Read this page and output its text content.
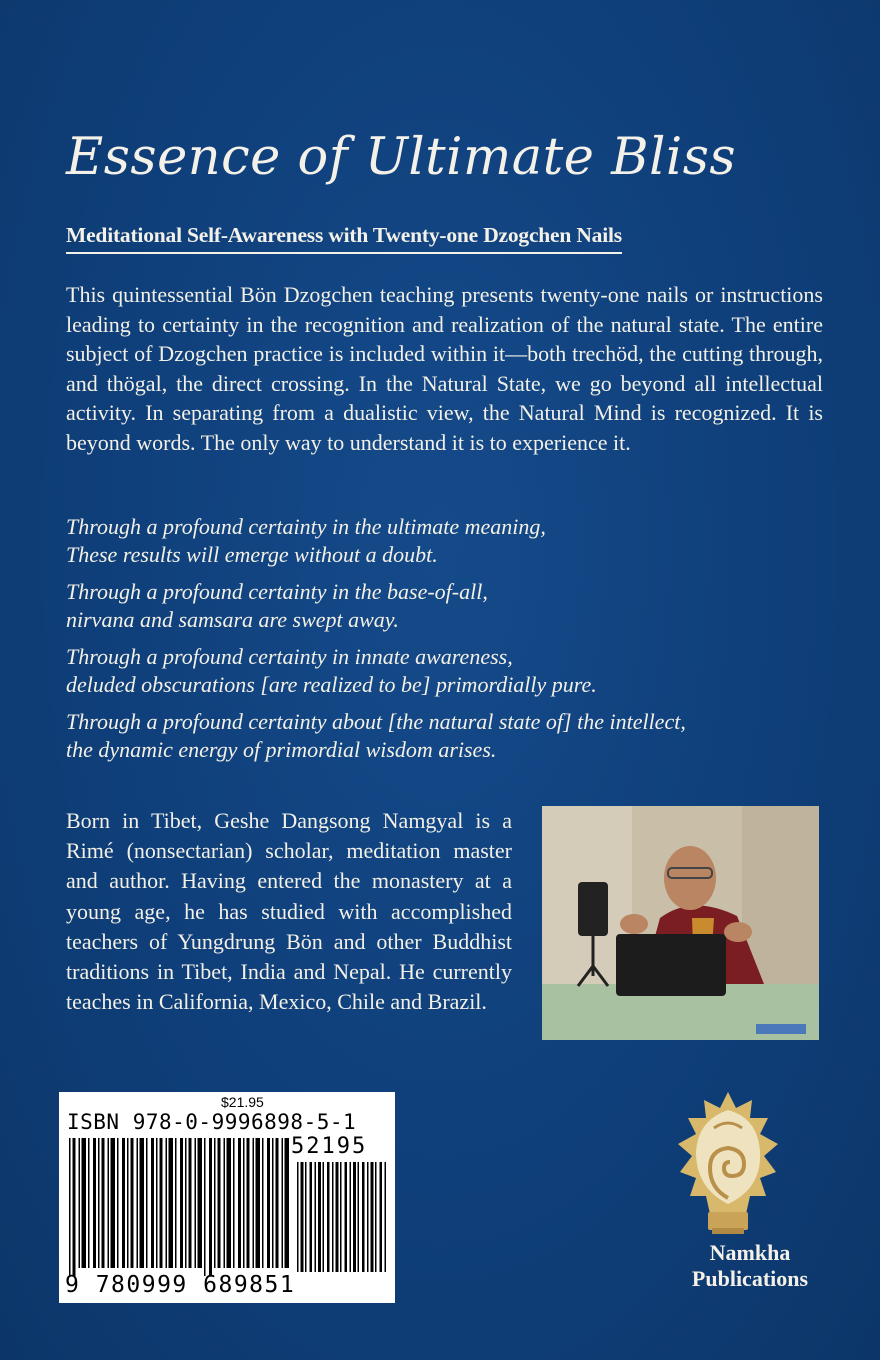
Essence of Ultimate Bliss
Meditational Self-Awareness with Twenty-one Dzogchen Nails

This quintessential Bön Dzogchen teaching presents twenty-one nails or instructions leading to certainty in the recognition and realization of the natural state. The entire subject of Dzogchen practice is included within it—both trechöd, the cutting through, and thögal, the direct crossing. In the Natural State, we go beyond all intellectual activity. In separating from a dualistic view, the Natural Mind is recognized. It is beyond words. The only way to understand it is to experience it.

Through a profound certainty in the ultimate meaning,
These results will emerge without a doubt.
Through a profound certainty in the base-of-all,
nirvana and samsara are swept away.
Through a profound certainty in innate awareness,
deluded obscurations [are realized to be] primordially pure.
Through a profound certainty about [the natural state of] the intellect,
the dynamic energy of primordial wisdom arises.

Born in Tibet, Geshe Dangsong Namgyal is a Rimé (nonsectarian) scholar, meditation master and author. Having entered the monastery at a young age, he has studied with accomplished teachers of Yungdrung Bön and other Buddhist traditions in Tibet, India and Nepal. He currently teaches in California, Mexico, Chile and Brazil.

$21.95
ISBN 978-0-9996898-5-1
52195
9 780999 689851
Namkha
Publications
